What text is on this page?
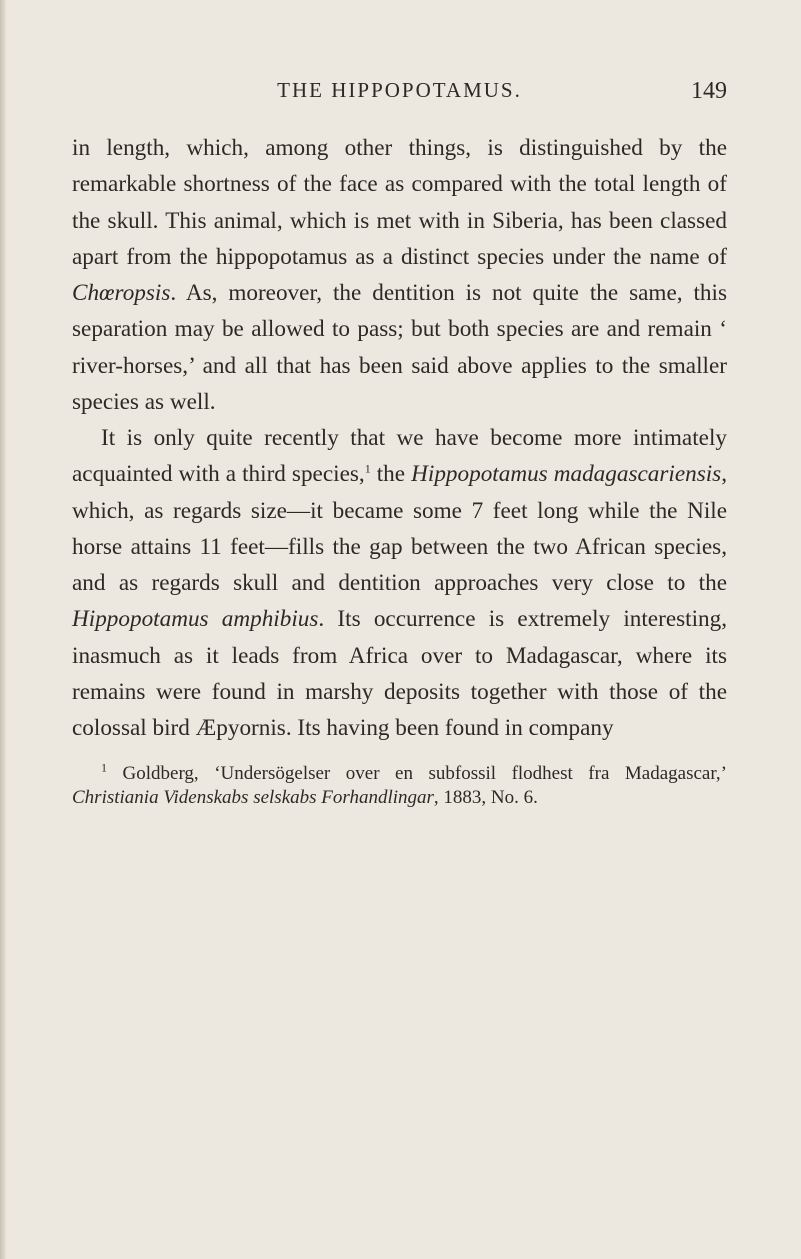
THE HIPPOPOTAMUS.	149

in length, which, among other things, is distinguished by the remarkable shortness of the face as compared with the total length of the skull. This animal, which is met with in Siberia, has been classed apart from the hippopotamus as a distinct species under the name of Chœropsis. As, moreover, the dentition is not quite the same, this separation may be allowed to pass; but both species are and remain ‘ river-horses,’ and all that has been said above applies to the smaller species as well.

It is only quite recently that we have become more intimately acquainted with a third species,$^1$ the Hippopotamus madagascariensis, which, as regards size—it became some 7 feet long while the Nile horse attains 11 feet—fills the gap between the two African species, and as regards skull and dentition approaches very close to the Hippopotamus amphibius. Its occurrence is extremely interesting, inasmuch as it leads from Africa over to Madagascar, where its remains were found in marshy deposits together with those of the colossal bird Æpyornis. Its having been found in company

$^1$ Goldberg, ‘Undersögelser over en subfossil flodhest fra Madagascar,’ Christiania Videnskabs selskabs Forhandlingar, 1883, No. 6.
